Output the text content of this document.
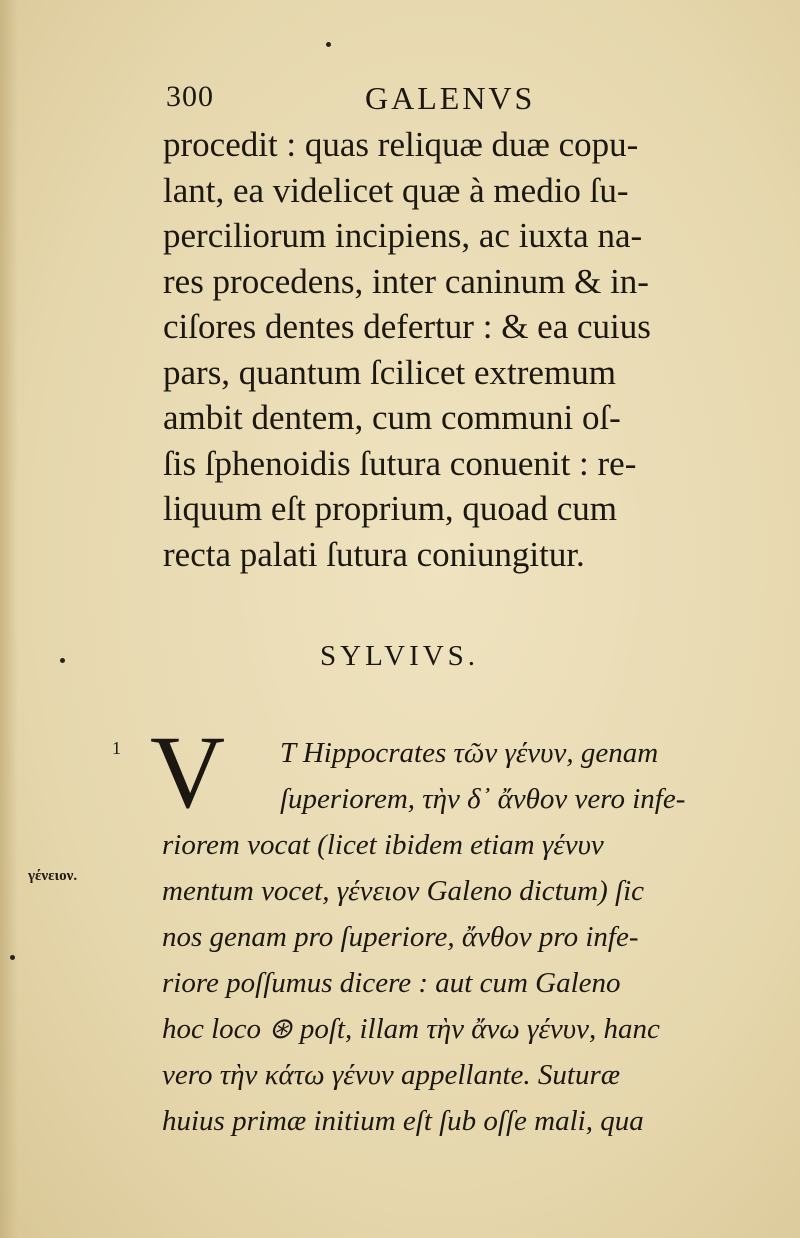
300	GALENVS
procedit : quas reliquæ duæ copu-
lant, ea videlicet quæ à medio ſu-
perciliorum incipiens, ac iuxta na-
res procedens, inter caninum & in-
ciſores dentes defertur : & ea cuius
pars, quantum ſcilicet extremum
ambit dentem, cum communi oſ-
ſis ſphenoidis ſutura conuenit : re-
liquum eſt proprium, quoad cum
recta palati ſutura coniungitur.
SYLVIVS.
1
γένειον.
V	T Hippocrates τῶν γένυν, genam
ſuperiorem, τὴν δ᾽ ἄνθον vero infe-
riorem vocat (licet ibidem etiam γένυν
mentum vocet, γένειον Galeno dictum) ſic
nos genam pro ſuperiore, ἄνθον pro infe-
riore poſſumus dicere : aut cum Galeno
hoc loco ⊛ poſt, illam τὴν ἄνω γένυν, hanc
vero τὴν κάτω γένυν appellante. Suturæ
huius primæ initium eſt ſub oſſe mali, qua
